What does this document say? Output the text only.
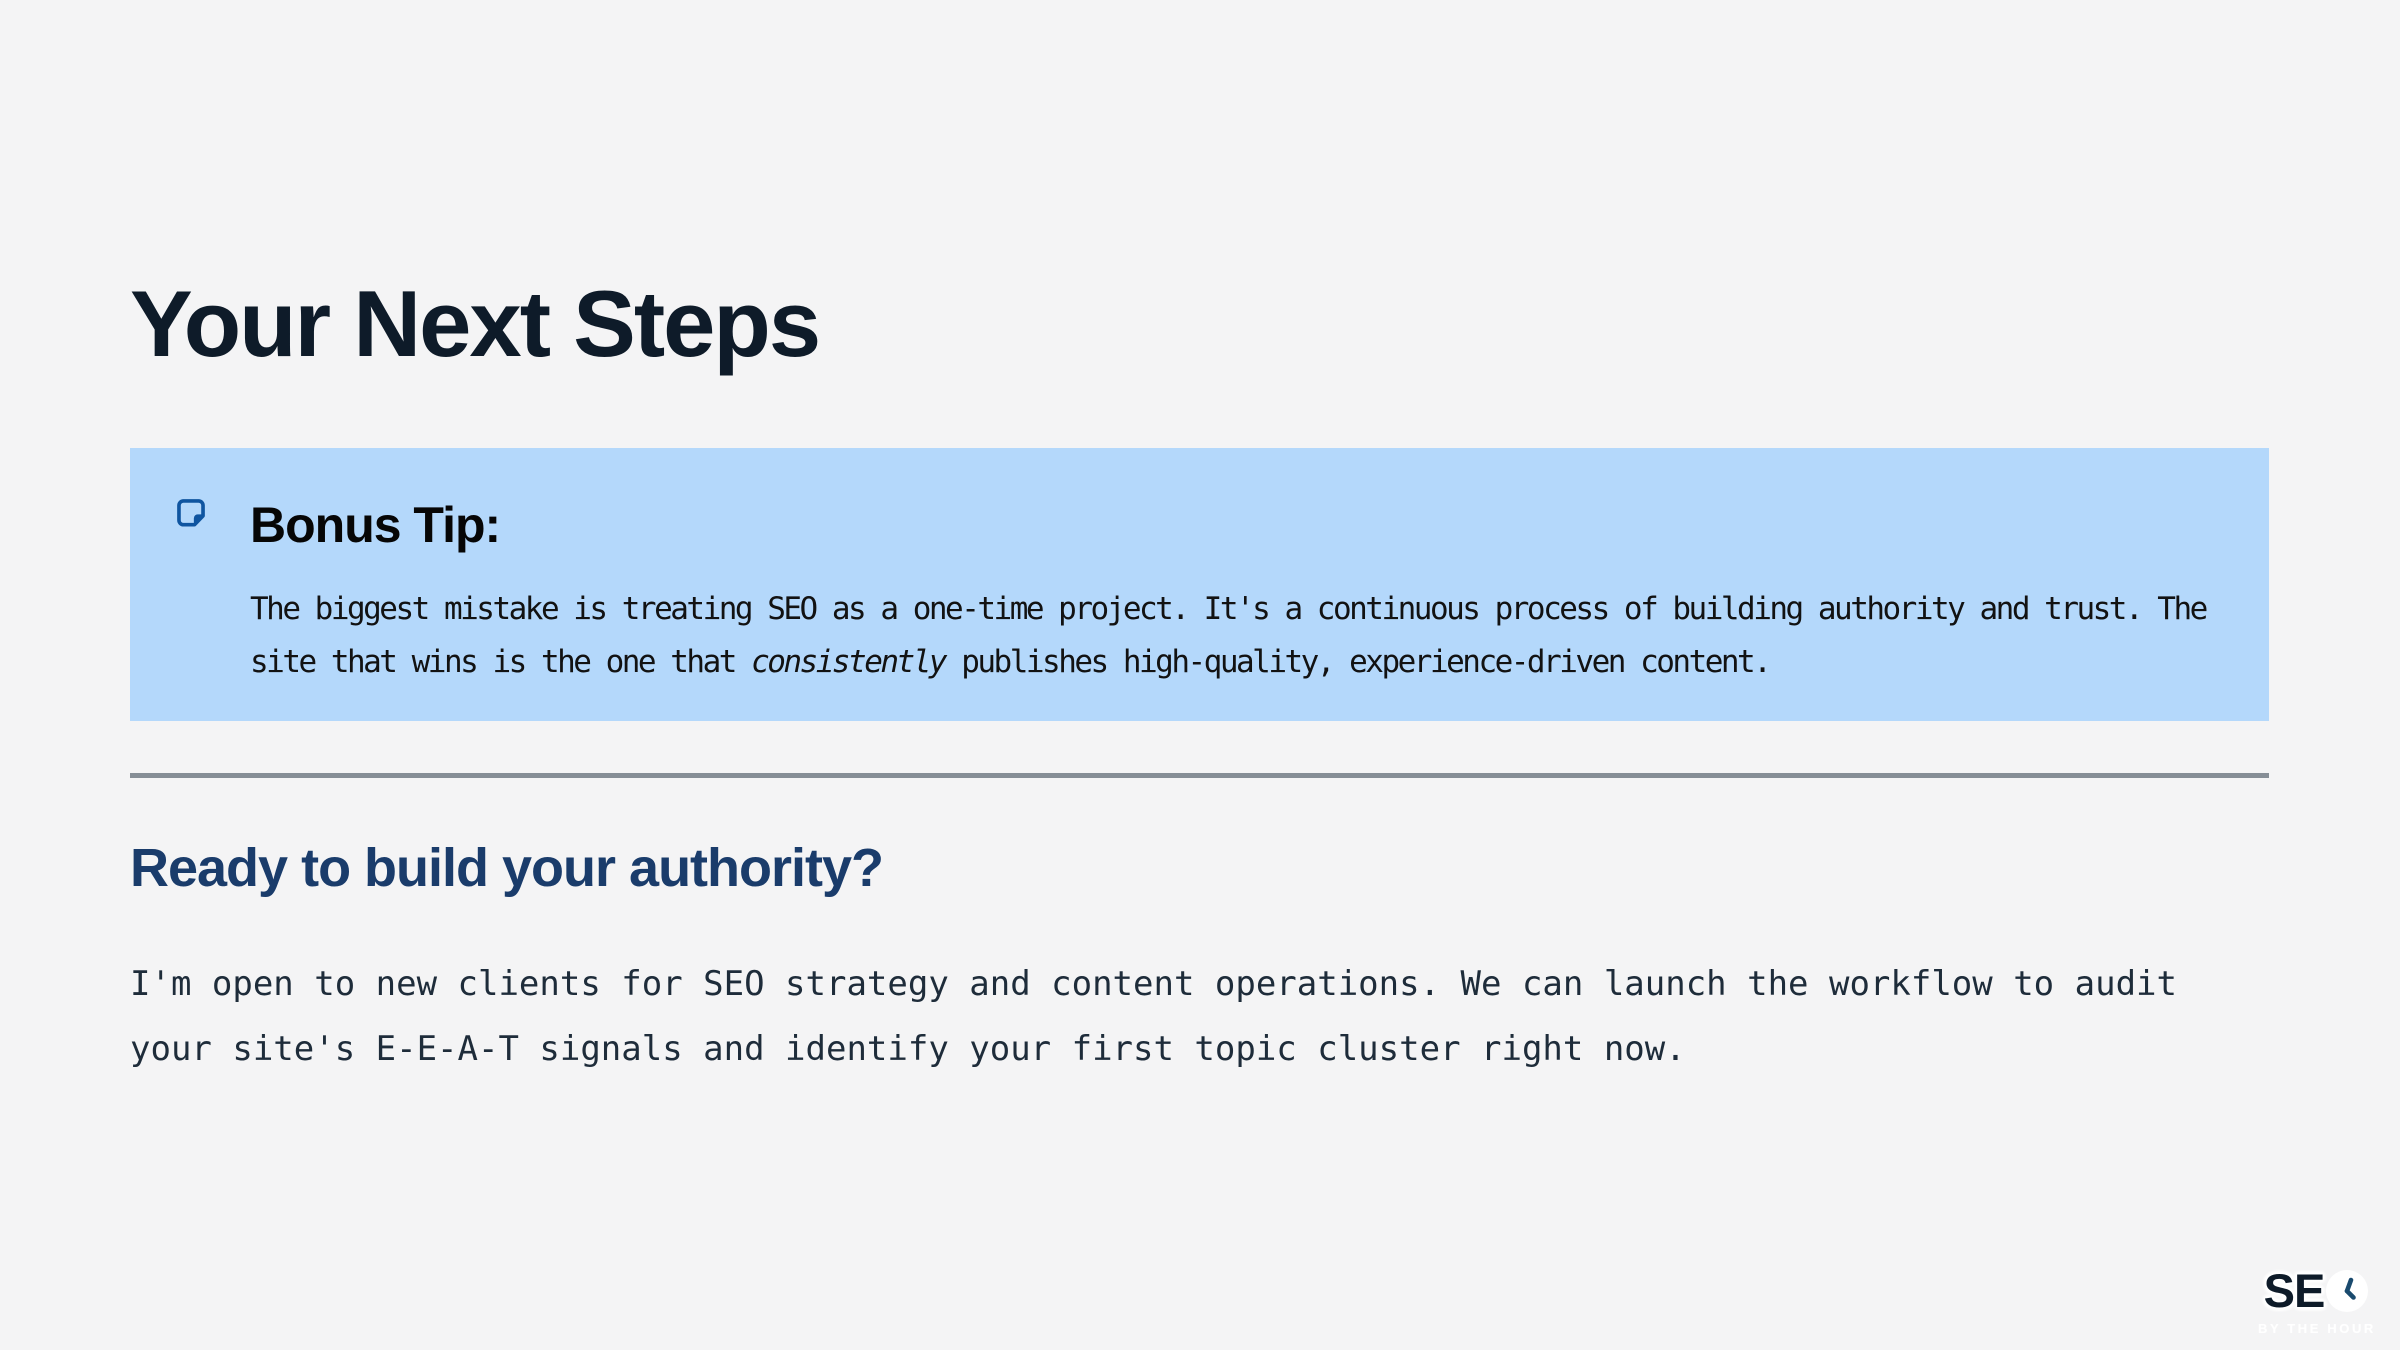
Your Next Steps
Bonus Tip:
The biggest mistake is treating SEO as a one-time project. It's a continuous process of building authority and trust. The site that wins is the one that consistently publishes high-quality, experience-driven content.
Ready to build your authority?

I'm open to new clients for SEO strategy and content operations. We can launch the workflow to audit your site's E-E-A-T signals and identify your first topic cluster right now.

SE
BY THE HOUR
